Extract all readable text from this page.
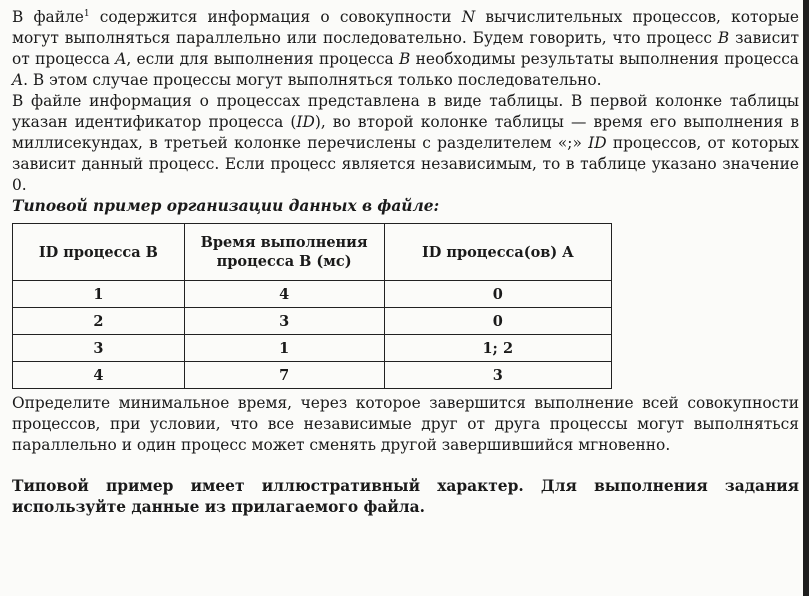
В файле$^1$ содержится информация о совокупности N вычислительных процессов, которые могут выполняться параллельно или последовательно. Будем говорить, что процесс B зависит от процесса A, если для выполнения процесса B необходимы результаты выполнения процесса A. В этом случае процессы могут выполняться только последовательно.

В файле информация о процессах представлена в виде таблицы. В первой колонке таблицы указан идентификатор процесса (ID), во второй колонке таблицы — время его выполнения в миллисекундах, в третьей колонке перечислены с разделителем «;» ID процессов, от которых зависит данный процесс. Если процесс является независимым, то в таблице указано значение 0.

Типовой пример организации данных в файле:

ID процесса B	Время выполнения процесса B (мс)	ID процесса(ов) A
1	4	0
2	3	0
3	1	1; 2
4	7	3

Определите минимальное время, через которое завершится выполнение всей совокупности процессов, при условии, что все независимые друг от друга процессы могут выполняться параллельно и один процесс может сменять другой завершившийся мгновенно.

Типовой пример имеет иллюстративный характер. Для выполнения задания используйте данные из прилагаемого файла.
